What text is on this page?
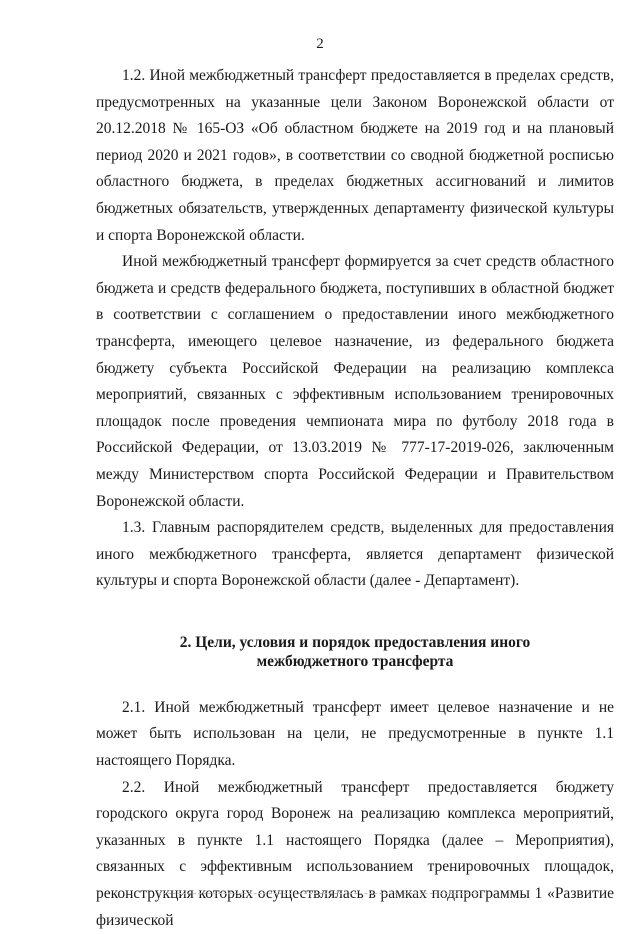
2

1.2. Иной межбюджетный трансферт предоставляется в пределах средств, предусмотренных на указанные цели Законом Воронежской области от 20.12.2018 № 165-ОЗ «Об областном бюджете на 2019 год и на плановый период 2020 и 2021 годов», в соответствии со сводной бюджетной росписью областного бюджета, в пределах бюджетных ассигнований и лимитов бюджетных обязательств, утвержденных департаменту физической культуры и спорта Воронежской области.

Иной межбюджетный трансферт формируется за счет средств областного бюджета и средств федерального бюджета, поступивших в областной бюджет в соответствии с соглашением о предоставлении иного межбюджетного трансферта, имеющего целевое назначение, из федерального бюджета бюджету субъекта Российской Федерации на реализацию комплекса мероприятий, связанных с эффективным использованием тренировочных площадок после проведения чемпионата мира по футболу 2018 года в Российской Федерации, от 13.03.2019 № 777-17-2019-026, заключенным между Министерством спорта Российской Федерации и Правительством Воронежской области.

1.3. Главным распорядителем средств, выделенных для предоставления иного межбюджетного трансферта, является департамент физической культуры и спорта Воронежской области (далее - Департамент).

2. Цели, условия и порядок предоставления иного
межбюджетного трансферта

2.1. Иной межбюджетный трансферт имеет целевое назначение и не может быть использован на цели, не предусмотренные в пункте 1.1 настоящего Порядка.

2.2. Иной межбюджетный трансферт предоставляется бюджету городского округа город Воронеж на реализацию комплекса мероприятий, указанных в пункте 1.1 настоящего Порядка (далее – Мероприятия), связанных с эффективным использованием тренировочных площадок, реконструкция которых осуществлялась в рамках подпрограммы 1 «Развитие физической
